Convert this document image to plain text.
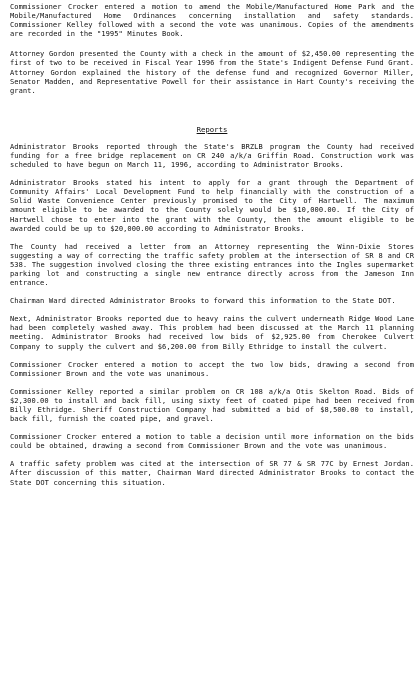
Commissioner Crocker entered a motion to amend the Mobile/Manufactured Home Park and the Mobile/Manufactured Home Ordinances concerning installation and safety standards. Commissioner Kelley followed with a second the vote was unanimous. Copies of the amendments are recorded in the "1995" Minutes Book.

Attorney Gordon presented the County with a check in the amount of $2,450.00 representing the first of two to be received in Fiscal Year 1996 from the State's Indigent Defense Fund Grant. Attorney Gordon explained the history of the defense fund and recognized Governor Miller, Senator Madden, and Representative Powell for their assistance in Hart County's receiving the grant.

Reports

Administrator Brooks reported through the State's BRZLB program the County had received funding for a free bridge replacement on CR 240 a/k/a Griffin Road. Construction work was scheduled to have begun on March 11, 1996, according to Administrator Brooks.

Administrator Brooks stated his intent to apply for a grant through the Department of Community Affairs' Local Development Fund to help financially with the construction of a Solid Waste Convenience Center previously promised to the City of Hartwell. The maximum amount eligible to be awarded to the County solely would be $10,000.00. If the City of Hartwell chose to enter into the grant with the County, then the amount eligible to be awarded could be up to $20,000.00 according to Administrator Brooks.

The County had received a letter from an Attorney representing the Winn-Dixie Stores suggesting a way of correcting the traffic safety problem at the intersection of SR 8 and CR 538. The suggestion involved closing the three existing entrances into the Ingles supermarket parking lot and constructing a single new entrance directly across from the Jameson Inn entrance.

Chairman Ward directed Administrator Brooks to forward this information to the State DOT.

Next, Administrator Brooks reported due to heavy rains the culvert underneath Ridge Wood Lane had been completely washed away. This problem had been discussed at the March 11 planning meeting. Administrator Brooks had received low bids of $2,925.00 from Cherokee Culvert Company to supply the culvert and $6,200.00 from Billy Ethridge to install the culvert.

Commissioner Crocker entered a motion to accept the two low bids, drawing a second from Commissioner Brown and the vote was unanimous.

Commissioner Kelley reported a similar problem on CR 108 a/k/a Otis Skelton Road. Bids of $2,300.00 to install and back fill, using sixty feet of coated pipe had been received from Billy Ethridge. Sheriff Construction Company had submitted a bid of $8,500.00 to install, back fill, furnish the coated pipe, and gravel.

Commissioner Crocker entered a motion to table a decision until more information on the bids could be obtained, drawing a second from Commissioner Brown and the vote was unanimous.

A traffic safety problem was cited at the intersection of SR 77 & SR 77C by Ernest Jordan. After discussion of this matter, Chairman Ward directed Administrator Brooks to contact the State DOT concerning this situation.
